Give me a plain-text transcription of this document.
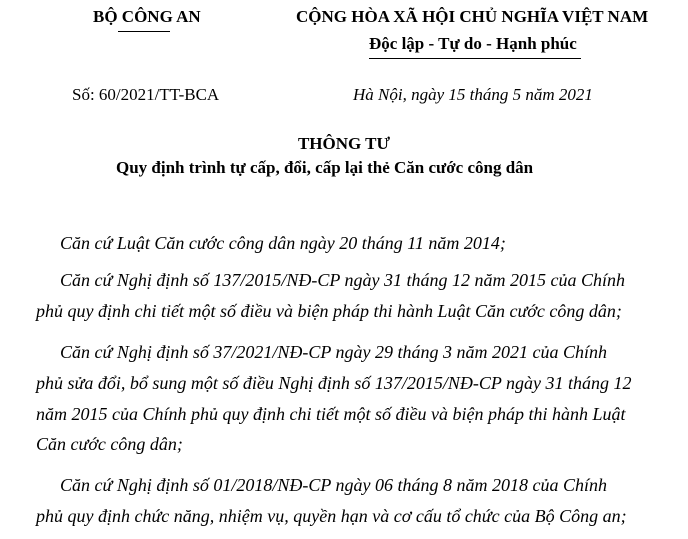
BỘ CÔNG AN	CỘNG HÒA XÃ HỘI CHỦ NGHĨA VIỆT NAM
Độc lập - Tự do - Hạnh phúc
Số: 60/2021/TT-BCA	Hà Nội, ngày 15 tháng 5 năm 2021
THÔNG TƯ
Quy định trình tự cấp, đổi, cấp lại thẻ Căn cước công dân
Căn cứ Luật Căn cước công dân ngày 20 tháng 11 năm 2014;
Căn cứ Nghị định số 137/2015/NĐ-CP ngày 31 tháng 12 năm 2015 của Chính
phủ quy định chi tiết một số điều và biện pháp thi hành Luật Căn cước công dân;
Căn cứ Nghị định số 37/2021/NĐ-CP ngày 29 tháng 3 năm 2021 của Chính
phủ sửa đổi, bổ sung một số điều Nghị định số 137/2015/NĐ-CP ngày 31 tháng 12
năm 2015 của Chính phủ quy định chi tiết một số điều và biện pháp thi hành Luật
Căn cước công dân;
Căn cứ Nghị định số 01/2018/NĐ-CP ngày 06 tháng 8 năm 2018 của Chính
phủ quy định chức năng, nhiệm vụ, quyền hạn và cơ cấu tổ chức của Bộ Công an;
